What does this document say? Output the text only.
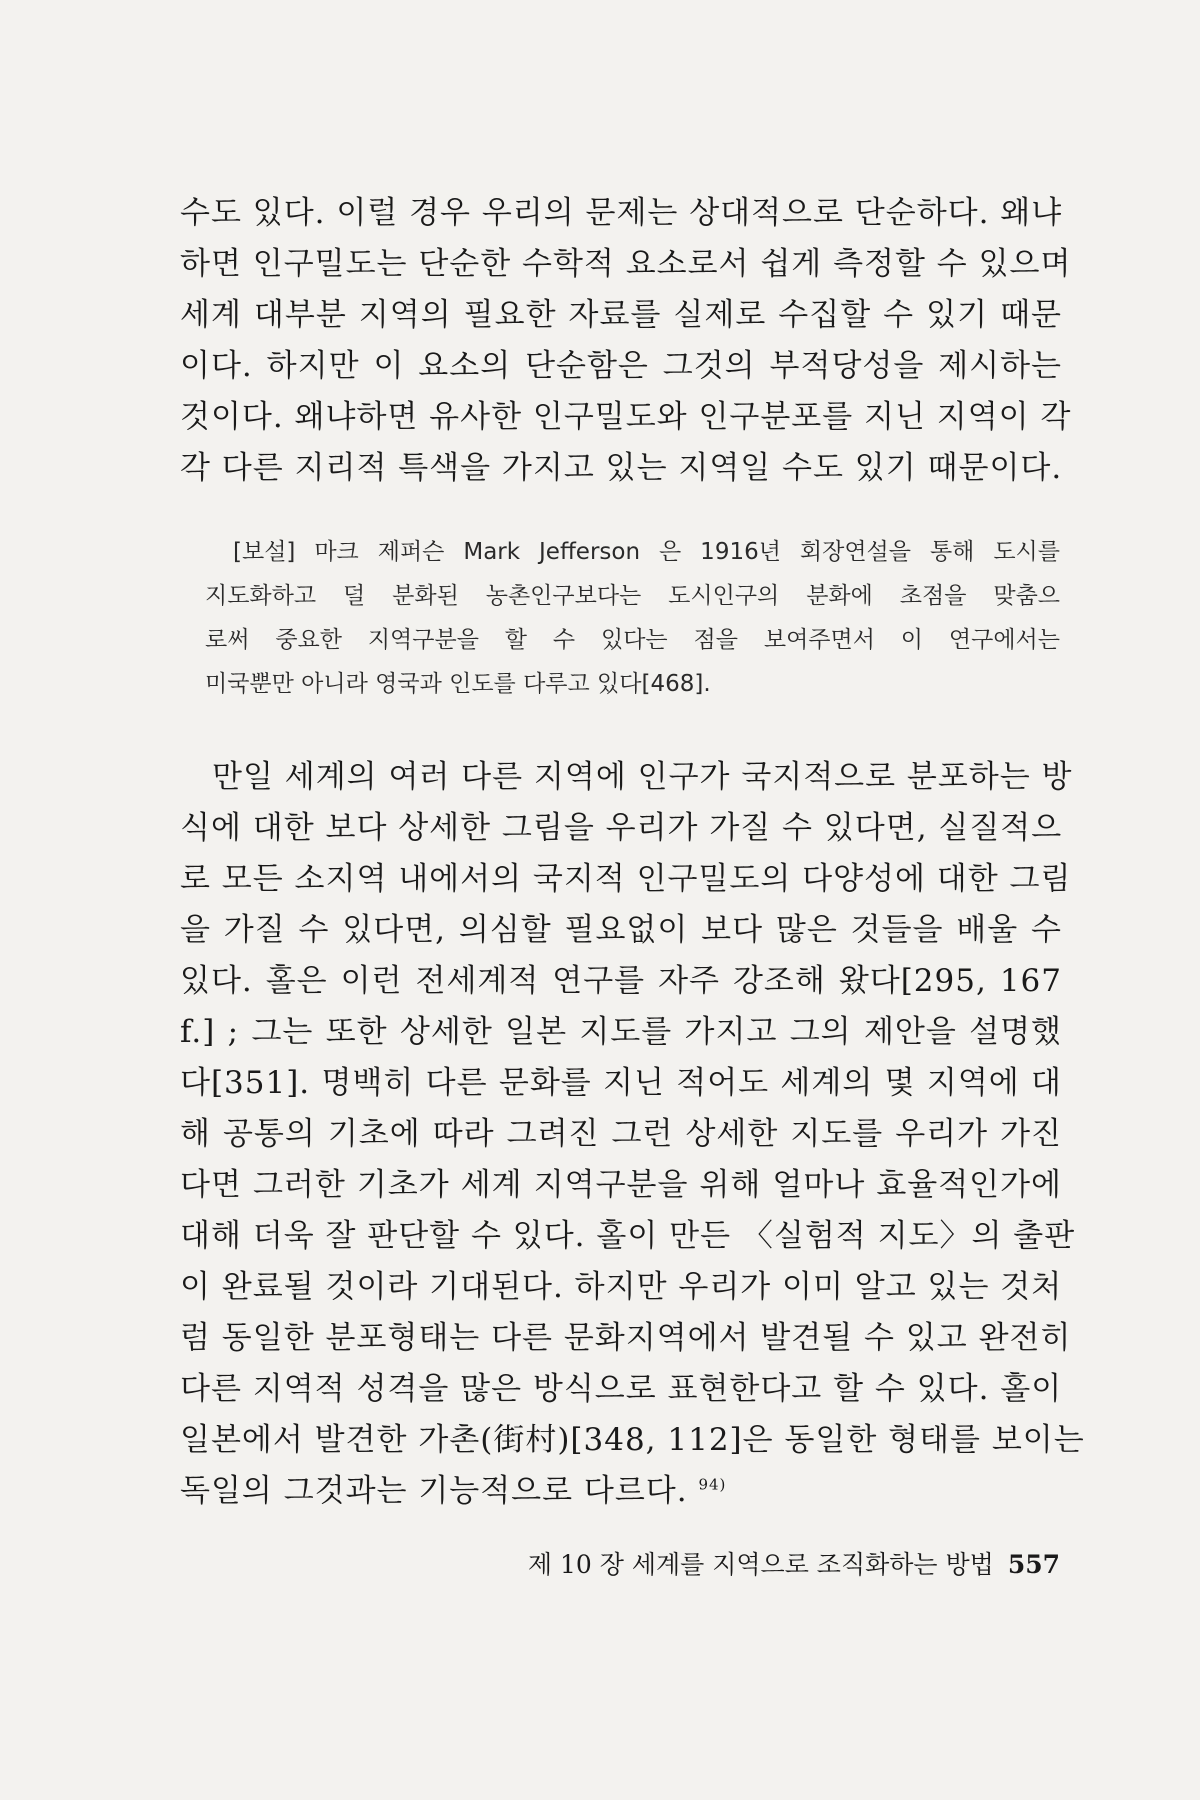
수도 있다. 이럴 경우 우리의 문제는 상대적으로 단순하다. 왜냐
하면 인구밀도는 단순한 수학적 요소로서 쉽게 측정할 수 있으며
세계 대부분 지역의 필요한 자료를 실제로 수집할 수 있기 때문
이다. 하지만 이 요소의 단순함은 그것의 부적당성을 제시하는
것이다. 왜냐하면 유사한 인구밀도와 인구분포를 지닌 지역이 각
각 다른 지리적 특색을 가지고 있는 지역일 수도 있기 때문이다.
[보설] 마크 제퍼슨 Mark Jefferson 은 1916년 회장연설을 통해 도시를
지도화하고 덜 분화된 농촌인구보다는 도시인구의 분화에 초점을 맞춤으
로써 중요한 지역구분을 할 수 있다는 점을 보여주면서 이 연구에서는
미국뿐만 아니라 영국과 인도를 다루고 있다[468].
만일 세계의 여러 다른 지역에 인구가 국지적으로 분포하는 방
식에 대한 보다 상세한 그림을 우리가 가질 수 있다면, 실질적으
로 모든 소지역 내에서의 국지적 인구밀도의 다양성에 대한 그림
을 가질 수 있다면, 의심할 필요없이 보다 많은 것들을 배울 수
있다. 홀은 이런 전세계적 연구를 자주 강조해 왔다[295, 167
f.] ; 그는 또한 상세한 일본 지도를 가지고 그의 제안을 설명했
다[351]. 명백히 다른 문화를 지닌 적어도 세계의 몇 지역에 대
해 공통의 기초에 따라 그려진 그런 상세한 지도를 우리가 가진
다면 그러한 기초가 세계 지역구분을 위해 얼마나 효율적인가에
대해 더욱 잘 판단할 수 있다. 홀이 만든 〈실험적 지도〉의 출판
이 완료될 것이라 기대된다. 하지만 우리가 이미 알고 있는 것처
럼 동일한 분포형태는 다른 문화지역에서 발견될 수 있고 완전히
다른 지역적 성격을 많은 방식으로 표현한다고 할 수 있다. 홀이
일본에서 발견한 가촌(街村)[348, 112]은 동일한 형태를 보이는
독일의 그것과는 기능적으로 다르다. $^{94)}$
제 10 장 세계를 지역으로 조직화하는 방법 557
